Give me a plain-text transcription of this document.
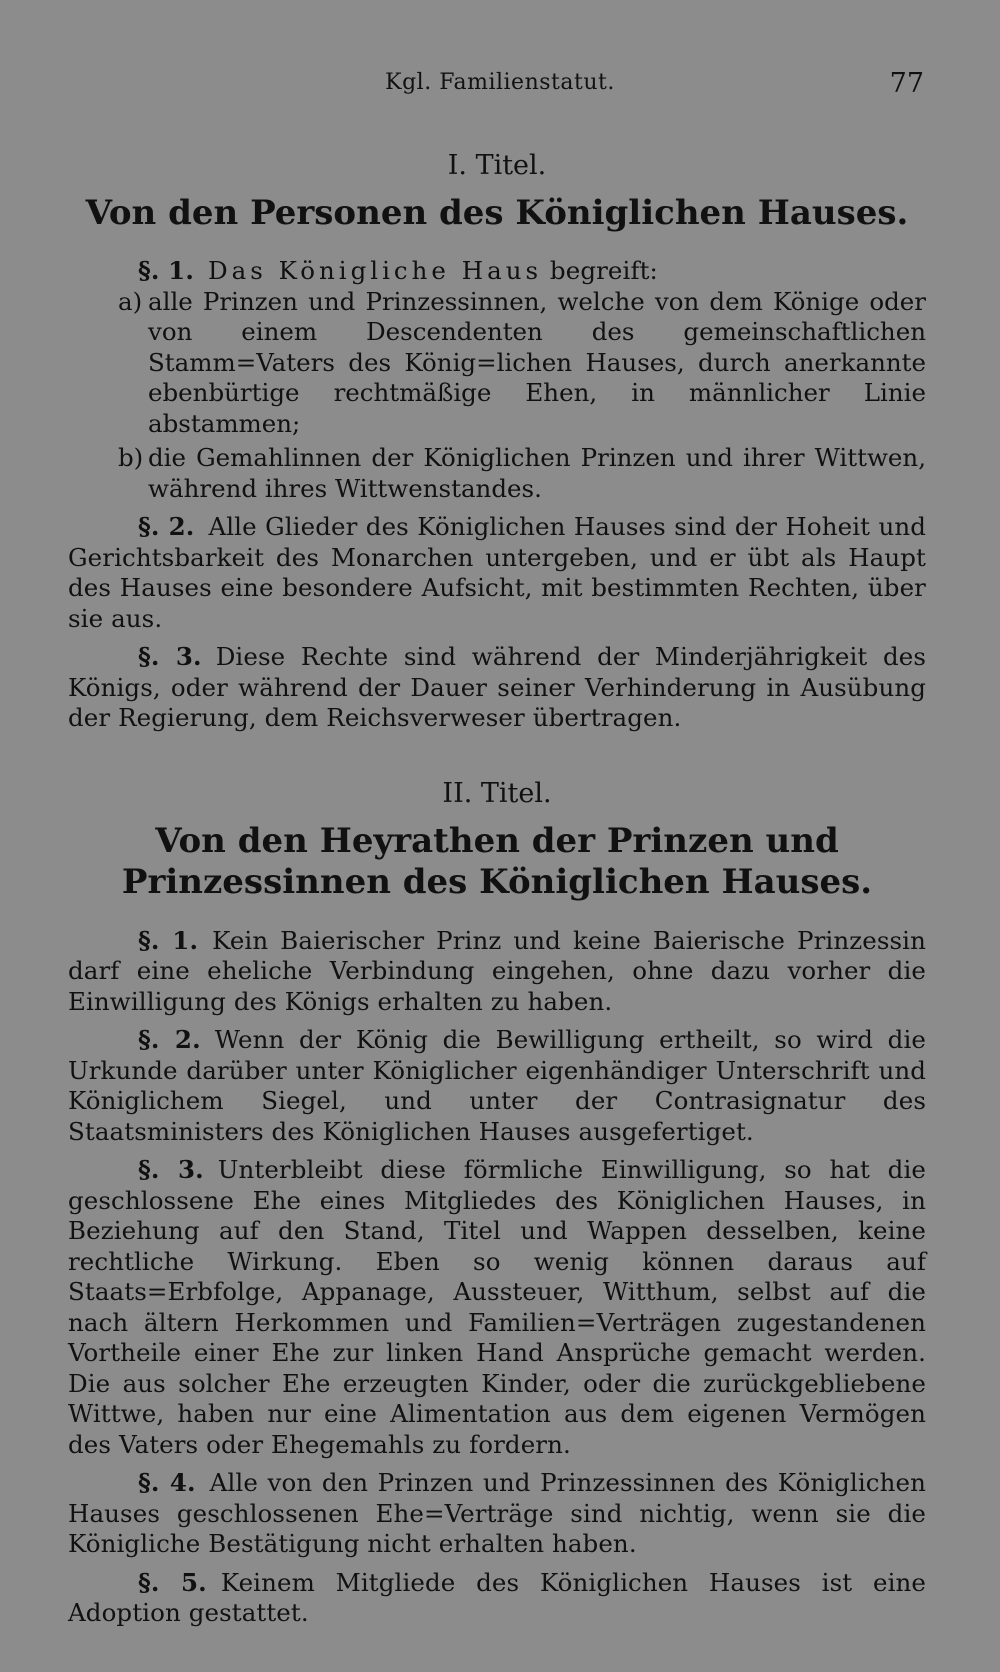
Kgl. Familienstatut.	77
I. Titel.
Von den Personen des Königlichen Hauses.

§. 1. Das Königliche Haus begreift:

a) alle Prinzen und Prinzessinnen, welche von dem Könige oder von einem Descendenten des gemeinschaftlichen Stamm=Vaters des König=lichen Hauses, durch anerkannte ebenbürtige rechtmäßige Ehen, in männlicher Linie abstammen;
b) die Gemahlinnen der Königlichen Prinzen und ihrer Wittwen, während ihres Wittwenstandes.

§. 2. Alle Glieder des Königlichen Hauses sind der Hoheit und Gerichtsbarkeit des Monarchen untergeben, und er übt als Haupt des Hauses eine besondere Aufsicht, mit bestimmten Rechten, über sie aus.

§. 3. Diese Rechte sind während der Minderjährigkeit des Königs, oder während der Dauer seiner Verhinderung in Ausübung der Regierung, dem Reichsverweser übertragen.

II. Titel.
Von den Heyrathen der Prinzen und Prinzessinnen des Königlichen Hauses.

§. 1. Kein Baierischer Prinz und keine Baierische Prinzessin darf eine eheliche Verbindung eingehen, ohne dazu vorher die Einwilligung des Königs erhalten zu haben.

§. 2. Wenn der König die Bewilligung ertheilt, so wird die Urkunde darüber unter Königlicher eigenhändiger Unterschrift und Königlichem Siegel, und unter der Contrasignatur des Staatsministers des Königlichen Hauses ausgefertiget.

§. 3. Unterbleibt diese förmliche Einwilligung, so hat die geschlossene Ehe eines Mitgliedes des Königlichen Hauses, in Beziehung auf den Stand, Titel und Wappen desselben, keine rechtliche Wirkung. Eben so wenig können daraus auf Staats=Erbfolge, Appanage, Aussteuer, Witthum, selbst auf die nach ältern Herkommen und Familien=Verträgen zugestandenen Vortheile einer Ehe zur linken Hand Ansprüche gemacht werden. Die aus solcher Ehe erzeugten Kinder, oder die zurückgebliebene Wittwe, haben nur eine Alimentation aus dem eigenen Vermögen des Vaters oder Ehegemahls zu fordern.

§. 4. Alle von den Prinzen und Prinzessinnen des Königlichen Hauses geschlossenen Ehe=Verträge sind nichtig, wenn sie die Königliche Bestätigung nicht erhalten haben.

§. 5. Keinem Mitgliede des Königlichen Hauses ist eine Adoption gestattet.
